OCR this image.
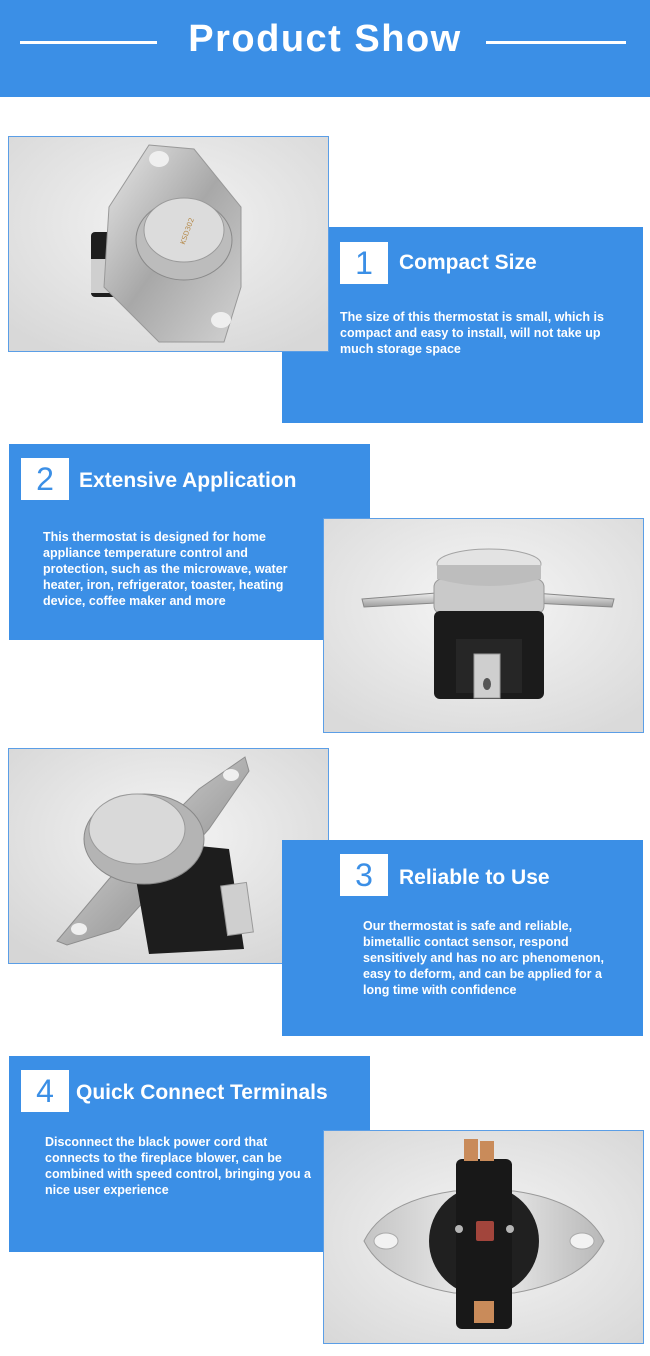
Product Show
1	Compact Size
The size of this thermostat is small, which is compact and easy to install, will not take up much storage space
KSD302
2	Extensive Application
This thermostat is designed for home appliance temperature control and protection, such as the microwave, water heater, iron, refrigerator, toaster, heating device, coffee maker and more
3	Reliable to Use
Our thermostat is safe and reliable, bimetallic contact sensor, respond sensitively and has no arc phenomenon, easy to deform, and can be applied for a long time with confidence
4	Quick Connect Terminals
Disconnect the black power cord that connects to the fireplace blower, can be combined with speed control, bringing you a nice user experience
